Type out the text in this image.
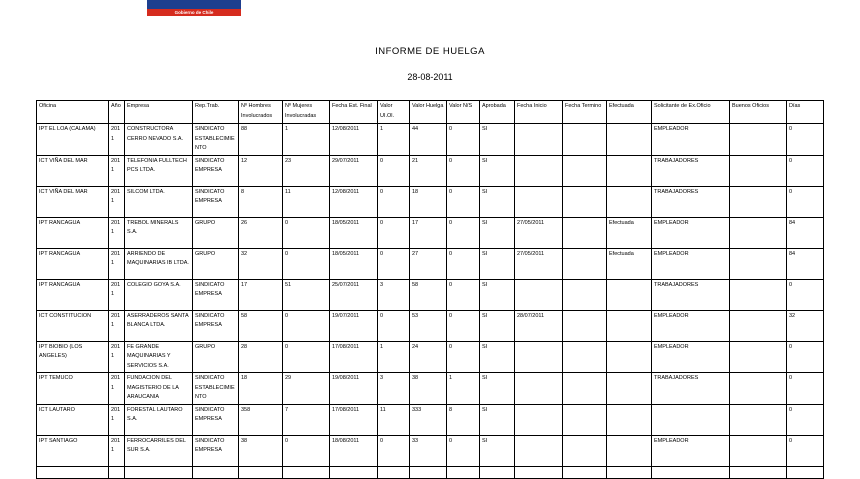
Gobierno de Chile
INFORME DE HUELGA
28-08-2011
Oficina	Año	Empresa	Rep.Trab.	Nº Hombres Involucrados	Nº Mujeres Involucradas	Fecha Est. Final	Valor UI.Ol.	Valor Huelga	Valor N/S	Aprobada	Fecha Inicio	Fecha Termino	Efectuada	Solicitante de Ex.Oficio	Buenos Oficios	Días
IPT EL LOA (CALAMA)	2011	CONSTRUCTORA CERRO NEVADO S.A.	SINDICATO ESTABLECIMIENTO	88	1	12/08/2011	1	44	0	SI				EMPLEADOR		0
ICT VIÑA DEL MAR	2011	TELEFONIA FULLTECH PCS LTDA.	SINDICATO EMPRESA	12	23	29/07/2011	0	21	0	SI				TRABAJADORES		0
ICT VIÑA DEL MAR	2011	SILCOM LTDA.	SINDICATO EMPRESA	8	11	12/08/2011	0	18	0	SI				TRABAJADORES		0
IPT RANCAGUA	2011	TREBOL MINERALS S.A.	GRUPO	26	0	18/05/2011	0	17	0	SI	27/05/2011		Efectuada	EMPLEADOR		84
IPT RANCAGUA	2011	ARRIENDO DE MAQUINARIAS IB LTDA.	GRUPO	32	0	18/05/2011	0	27	0	SI	27/05/2011		Efectuada	EMPLEADOR		84
IPT RANCAGUA	2011	COLEGIO GOYA S.A.	SINDICATO EMPRESA	17	51	25/07/2011	3	58	0	SI				TRABAJADORES		0
ICT CONSTITUCION	2011	ASERRADEROS SANTA BLANCA LTDA.	SINDICATO EMPRESA	58	0	19/07/2011	0	53	0	SI	28/07/2011			EMPLEADOR		32
IPT BIOBIO (LOS ANGELES)	2011	FE GRANDE MAQUINARIAS Y SERVICIOS S.A.	GRUPO	28	0	17/08/2011	1	24	0	SI				EMPLEADOR		0
IPT TEMUCO	2011	FUNDACION DEL MAGISTERIO DE LA ARAUCANIA	SINDICATO ESTABLECIMIENTO	18	29	19/08/2011	3	38	1	SI				TRABAJADORES		0
ICT LAUTARO	2011	FORESTAL LAUTARO S.A.	SINDICATO EMPRESA	358	7	17/08/2011	11	333	8	SI						0
IPT SANTIAGO	2011	FERROCARRILES DEL SUR S.A.	SINDICATO EMPRESA	38	0	18/08/2011	0	33	0	SI				EMPLEADOR		0
